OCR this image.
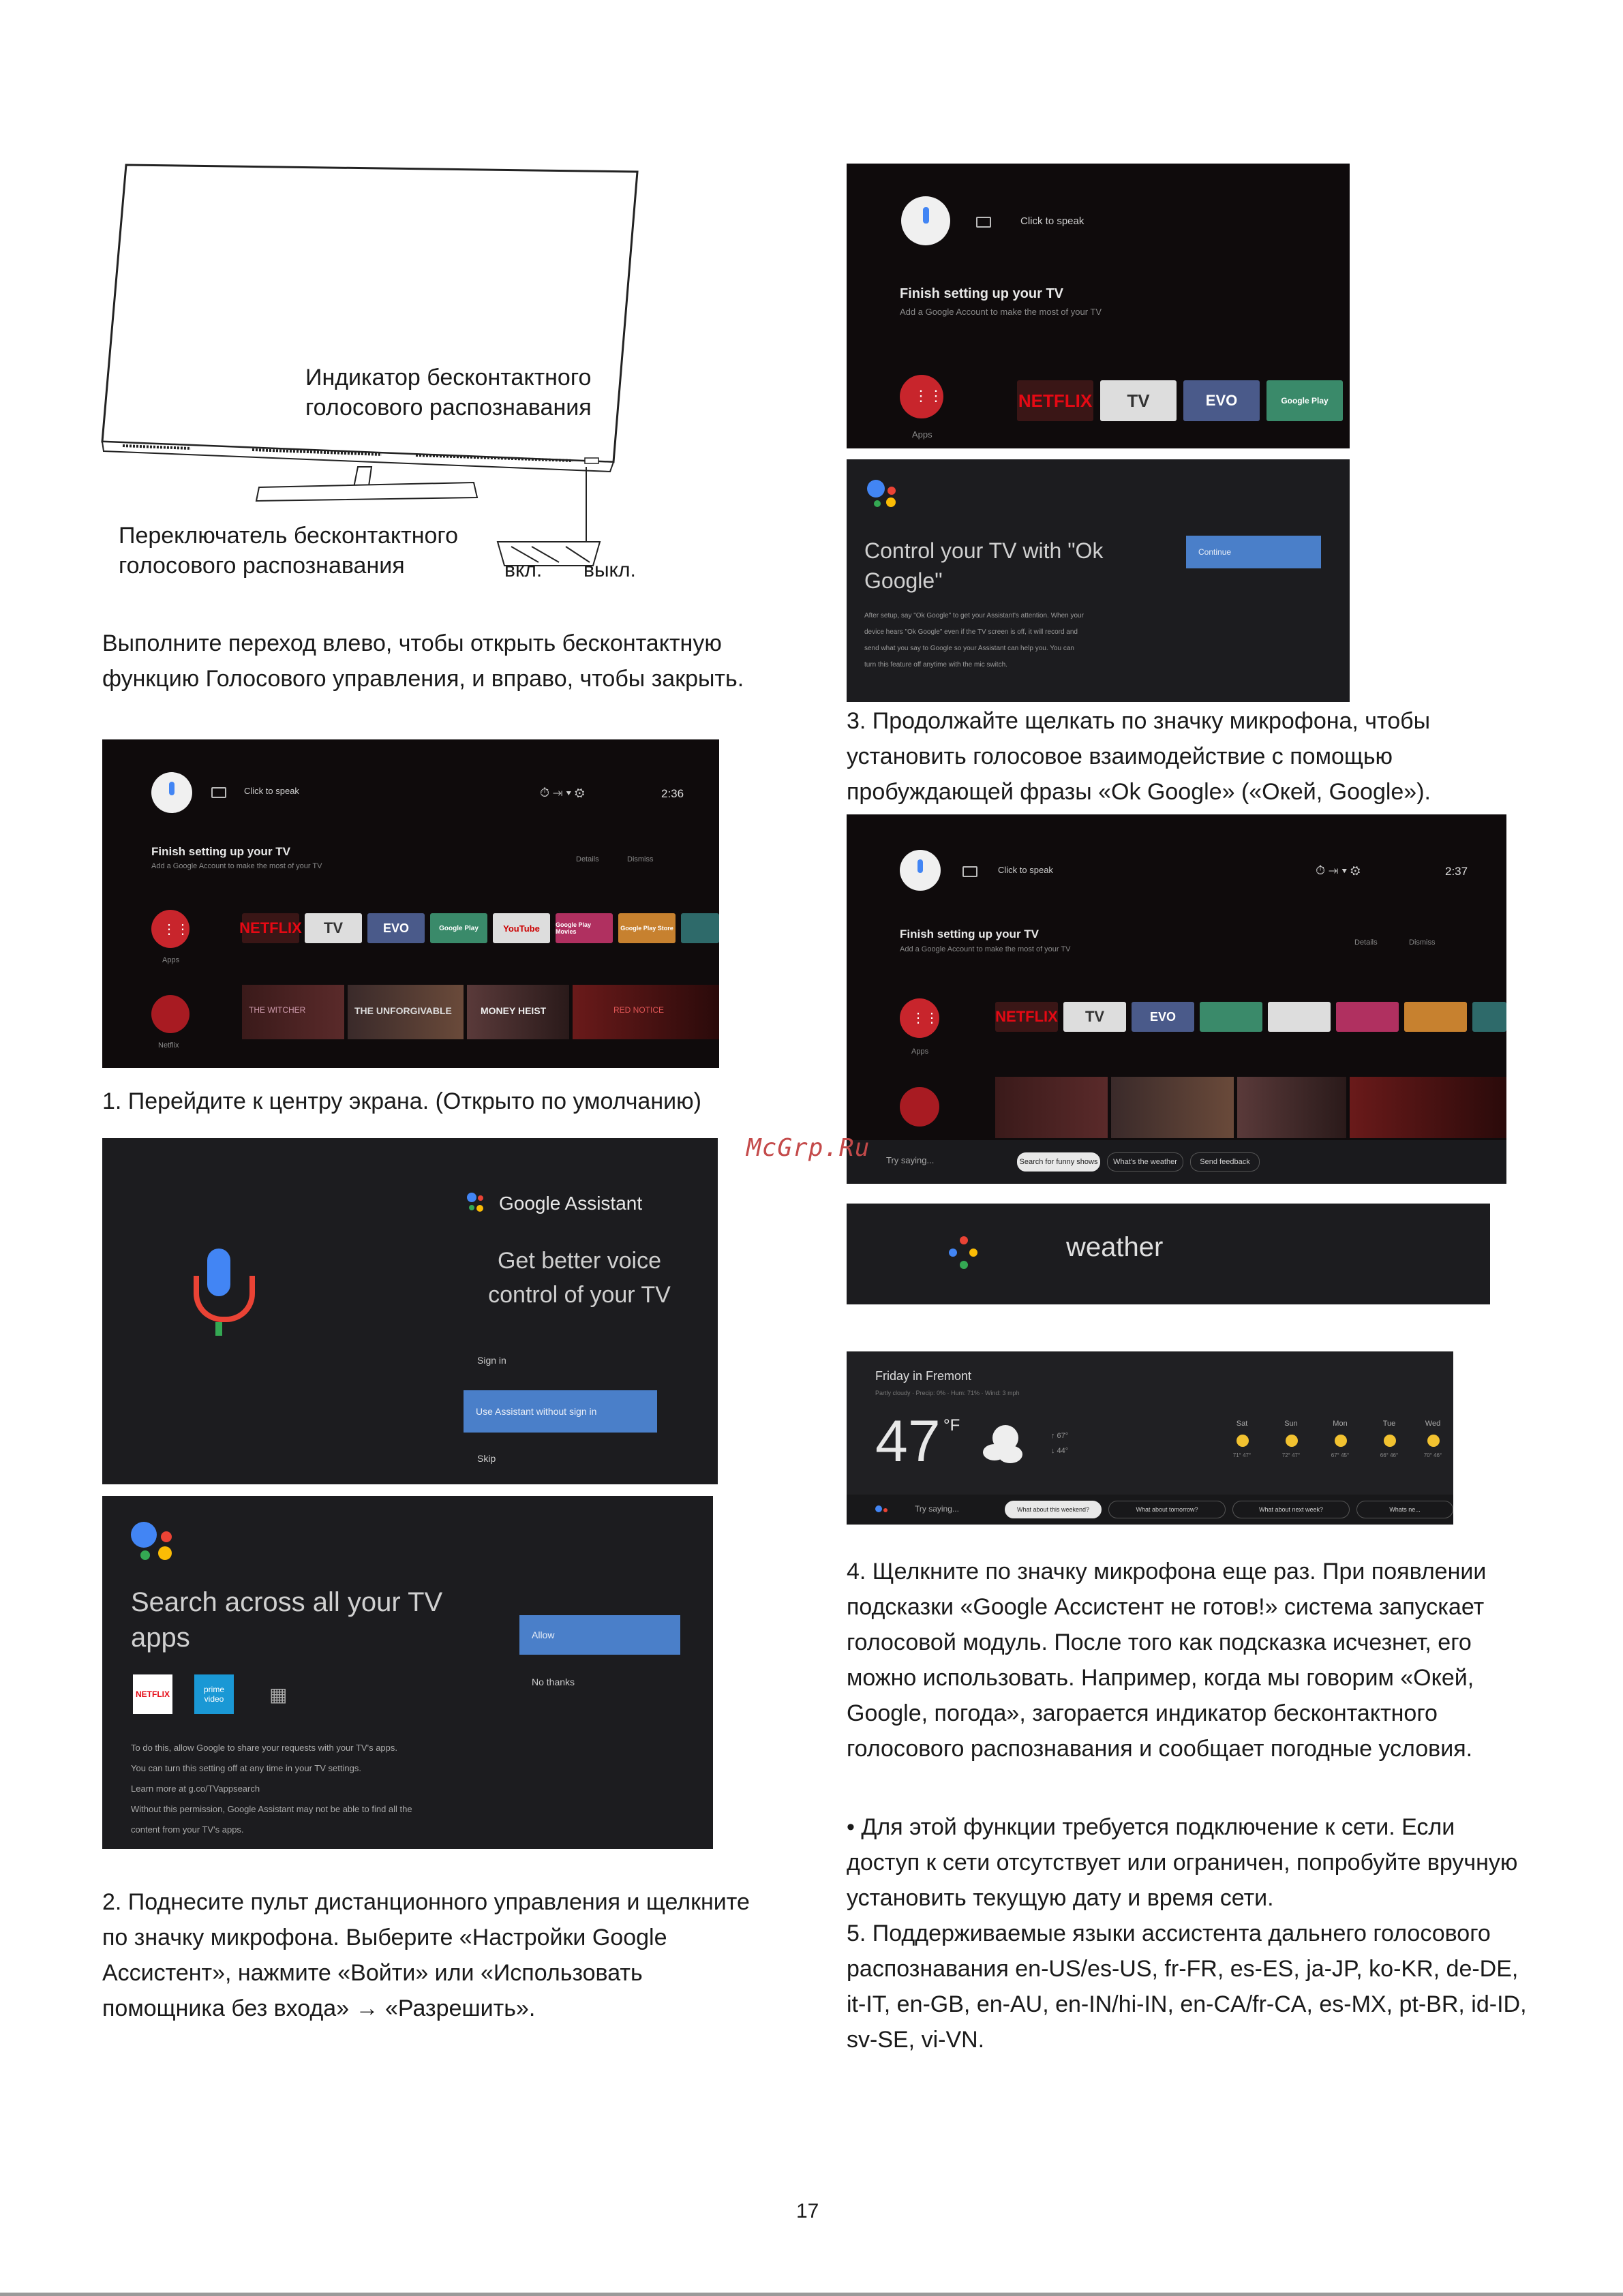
Индикатор бесконтактного
голосового распознавания
Переключатель бесконтактного
голосового распознавания	вкл. выкл.
Выполните переход влево, чтобы открыть бесконтактную функцию Голосового управления, и вправо, чтобы закрыть.
Click to speak	⏱ ⇥ ▾ ⚙	2:36
Finish setting up your TV
Add a Google Account to make the most of your TV
Details	Dismiss
⋮⋮
Apps
NETFLIX	TV	EVO	Google Play	YouTube	Google Play Movies	Google Play Store
Netflix
THE WITCHER	THE UNFORGIVABLE	MONEY HEIST	RED NOTICE
1. Перейдите к центру экрана. (Открыто по умолчанию)
Google Assistant
Get better voice
control of your TV
Sign in
Use Assistant without sign in
Skip
Search across all your TV
apps
NETFLIX	prime video	▦
Allow
No thanks
To do this, allow Google to share your requests with your TV's apps.
You can turn this setting off at any time in your TV settings.
Learn more at g.co/TVappsearch
Without this permission, Google Assistant may not be able to find all the
content from your TV's apps.
2. Поднесите пульт дистанционного управления и щелкните по значку микрофона. Выберите «Настройки Google Ассистент», нажмите «Войти» или «Использовать помощника без входа» → «Разрешить».
Click to speak
Finish setting up your TV
Add a Google Account to make the most of your TV
⋮⋮
Apps
NETFLIX	TV	EVO	Google Play
Control your TV with "Ok
Google"
Continue
After setup, say "Ok Google" to get your Assistant's attention. When your
device hears "Ok Google" even if the TV screen is off, it will record and
send what you say to Google so your Assistant can help you. You can
turn this feature off anytime with the mic switch.
3. Продолжайте щелкать по значку микрофона, чтобы установить голосовое взаимодействие с помощью пробуждающей фразы «Ok Google» («Окей, Google»).
Click to speak	⏱ ⇥ ▾ ⚙	2:37
Finish setting up your TV
Add a Google Account to make the most of your TV
Details	Dismiss
⋮⋮
Apps
NETFLIX	TV	EVO
Try saying...	Search for funny shows	What's the weather	Send feedback
McGrp.Ru
weather
Friday in Fremont
Partly cloudy · Precip: 0% · Hum: 71% · Wind: 3 mph
47 °F
↑ 67°
↓ 44°
Sat
71° 47°
Sun
72° 47°
Mon
67° 45°
Tue
66° 46°
Wed
70° 46°
Try saying...	What about this weekend?	What about tomorrow?	What about next week?	Whats ne...
4. Щелкните по значку микрофона еще раз. При появлении подсказки «Google Ассистент не готов!» система запускает голосовой модуль. После того как подсказка исчезнет, его можно использовать. Например, когда мы говорим «Окей, Google, погода», загорается индикатор бесконтактного голосового распознавания и сообщает погодные условия.
• Для этой функции требуется подключение к сети. Если доступ к сети отсутствует или ограничен, попробуйте вручную установить текущую дату и время сети.
5. Поддерживаемые языки ассистента дальнего голосового распознавания en-US/es-US, fr-FR, es-ES, ja-JP, ko-KR, de-DE, it-IT, en-GB, en-AU, en-IN/hi-IN, en-CA/fr-CA, es-MX, pt-BR, id-ID, sv-SE, vi-VN.
17
